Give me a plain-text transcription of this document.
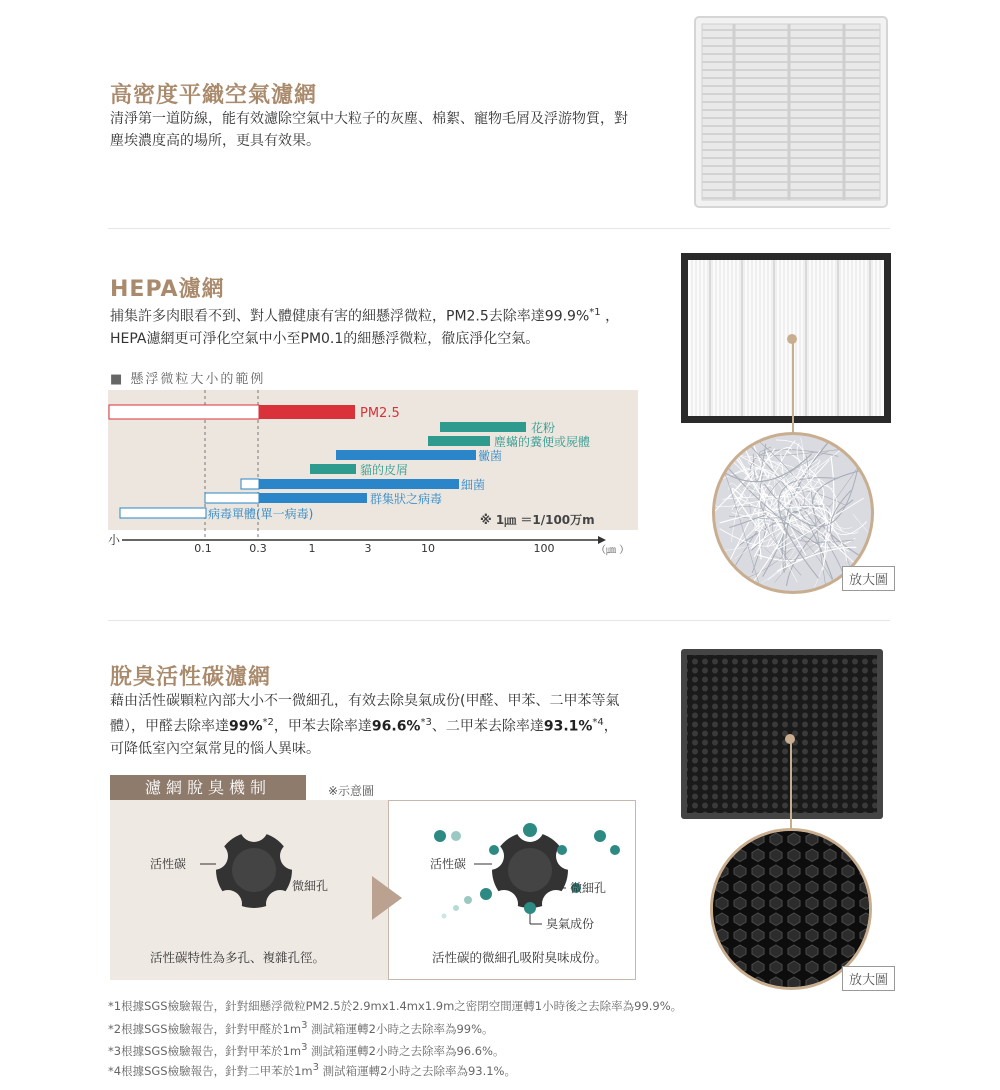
高密度平織空氣濾網
清淨第一道防線，能有效濾除空氣中大粒子的灰塵、棉絮、寵物毛屑及浮游物質，對
塵埃濃度高的場所，更具有效果。
HEPA濾網
捕集許多肉眼看不到、對人體健康有害的細懸浮微粒，PM2.5去除率達99.9%$^{*1}$ ，
HEPA濾網更可淨化空氣中小至PM0.1的細懸浮微粒，徹底淨化空氣。
■ 懸浮微粒大小的範例
PM2.5
花粉
塵蟎的糞便或屍體
黴菌
貓的皮屑
細菌
群集狀之病毒
病毒單體(單一病毒)	※ 1㎛ ＝1/100万m
小
0.1	0.3	1	3	10	100	（㎛ ）
放大圖
脫臭活性碳濾網
藉由活性碳顆粒內部大小不一微細孔，有效去除臭氣成份(甲醛、甲苯、二甲苯等氣
體），甲醛去除率達99%$^{*2}$，甲苯去除率達96.6%$^{*3}$、二甲苯去除率達93.1%$^{*4}$，
可降低室內空氣常見的惱人異味。
濾網脫臭機制	※示意圖
活性碳
微細孔
活性碳特性為多孔、複雜孔徑。
活性碳
微細孔
臭氣成份
活性碳的微細孔吸附臭味成份。
放大圖
*1根據SGS檢驗報告，針對細懸浮微粒PM2.5於2.9mx1.4mx1.9m之密閉空間運轉1小時後之去除率為99.9%。
*2根據SGS檢驗報告，針對甲醛於$1m^3$ 測試箱運轉2小時之去除率為99%。
*3根據SGS檢驗報告，針對甲苯於$1m^3$ 測試箱運轉2小時之去除率為96.6%。
*4根據SGS檢驗報告，針對二甲苯於$1m^3$ 測試箱運轉2小時之去除率為93.1%。
